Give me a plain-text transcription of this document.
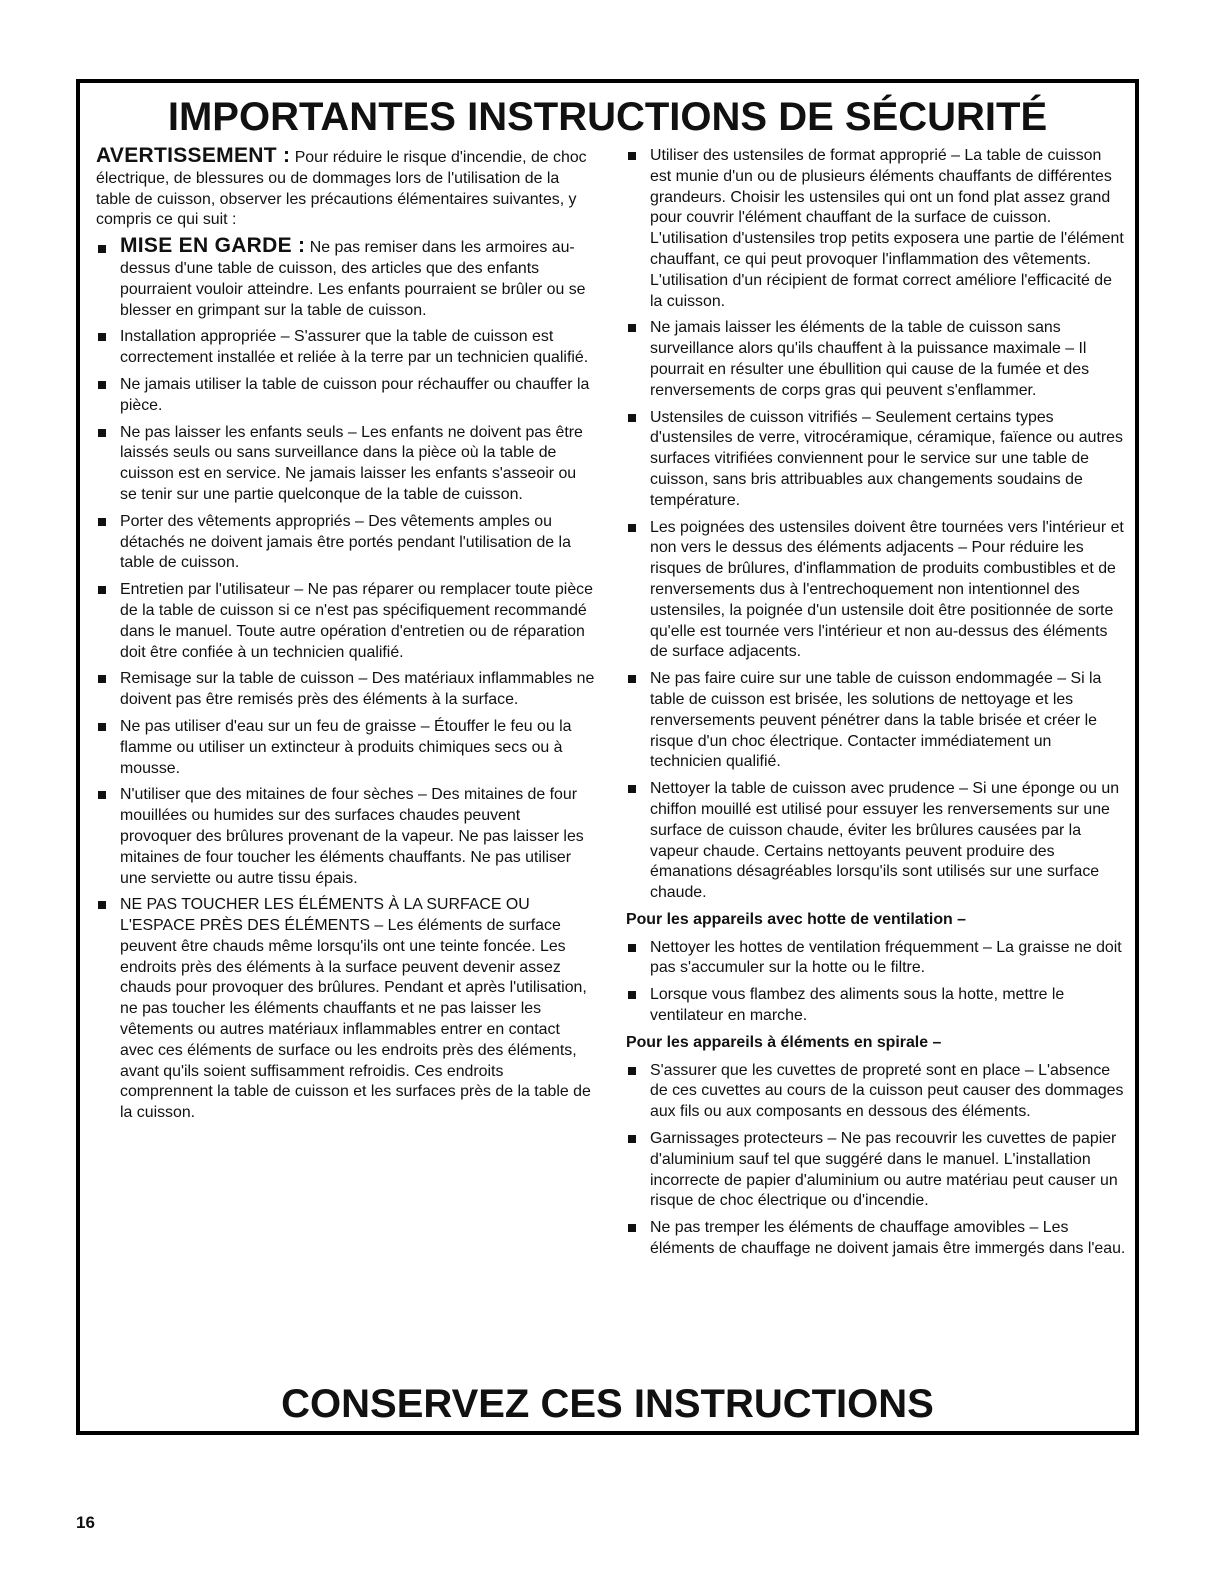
IMPORTANTES INSTRUCTIONS DE SÉCURITÉ

AVERTISSEMENT : Pour réduire le risque d'incendie, de choc électrique, de blessures ou de dommages lors de l'utilisation de la table de cuisson, observer les précautions élémentaires suivantes, y compris ce qui suit :

MISE EN GARDE : Ne pas remiser dans les armoires au-dessus d'une table de cuisson, des articles que des enfants pourraient vouloir atteindre. Les enfants pourraient se brûler ou se blesser en grimpant sur la table de cuisson.
Installation appropriée – S'assurer que la table de cuisson est correctement installée et reliée à la terre par un technicien qualifié.
Ne jamais utiliser la table de cuisson pour réchauffer ou chauffer la pièce.
Ne pas laisser les enfants seuls – Les enfants ne doivent pas être laissés seuls ou sans surveillance dans la pièce où la table de cuisson est en service. Ne jamais laisser les enfants s'asseoir ou se tenir sur une partie quelconque de la table de cuisson.
Porter des vêtements appropriés – Des vêtements amples ou détachés ne doivent jamais être portés pendant l'utilisation de la table de cuisson.
Entretien par l'utilisateur – Ne pas réparer ou remplacer toute pièce de la table de cuisson si ce n'est pas spécifiquement recommandé dans le manuel. Toute autre opération d'entretien ou de réparation doit être confiée à un technicien qualifié.
Remisage sur la table de cuisson – Des matériaux inflammables ne doivent pas être remisés près des éléments à la surface.
Ne pas utiliser d'eau sur un feu de graisse – Étouffer le feu ou la flamme ou utiliser un extincteur à produits chimiques secs ou à mousse.
N'utiliser que des mitaines de four sèches – Des mitaines de four mouillées ou humides sur des surfaces chaudes peuvent provoquer des brûlures provenant de la vapeur. Ne pas laisser les mitaines de four toucher les éléments chauffants. Ne pas utiliser une serviette ou autre tissu épais.
NE PAS TOUCHER LES ÉLÉMENTS À LA SURFACE OU L'ESPACE PRÈS DES ÉLÉMENTS – Les éléments de surface peuvent être chauds même lorsqu'ils ont une teinte foncée. Les endroits près des éléments à la surface peuvent devenir assez chauds pour provoquer des brûlures. Pendant et après l'utilisation, ne pas toucher les éléments chauffants et ne pas laisser les vêtements ou autres matériaux inflammables entrer en contact avec ces éléments de surface ou les endroits près des éléments, avant qu'ils soient suffisamment refroidis. Ces endroits comprennent la table de cuisson et les surfaces près de la table de la cuisson.
Utiliser des ustensiles de format approprié – La table de cuisson est munie d'un ou de plusieurs éléments chauffants de différentes grandeurs. Choisir les ustensiles qui ont un fond plat assez grand pour couvrir l'élément chauffant de la surface de cuisson. L'utilisation d'ustensiles trop petits exposera une partie de l'élément chauffant, ce qui peut provoquer l'inflammation des vêtements. L'utilisation d'un récipient de format correct améliore l'efficacité de la cuisson.
Ne jamais laisser les éléments de la table de cuisson sans surveillance alors qu'ils chauffent à la puissance maximale – Il pourrait en résulter une ébullition qui cause de la fumée et des renversements de corps gras qui peuvent s'enflammer.
Ustensiles de cuisson vitrifiés – Seulement certains types d'ustensiles de verre, vitrocéramique, céramique, faïence ou autres surfaces vitrifiées conviennent pour le service sur une table de cuisson, sans bris attribuables aux changements soudains de température.
Les poignées des ustensiles doivent être tournées vers l'intérieur et non vers le dessus des éléments adjacents – Pour réduire les risques de brûlures, d'inflammation de produits combustibles et de renversements dus à l'entrechoquement non intentionnel des ustensiles, la poignée d'un ustensile doit être positionnée de sorte qu'elle est tournée vers l'intérieur et non au-dessus des éléments de surface adjacents.
Ne pas faire cuire sur une table de cuisson endommagée – Si la table de cuisson est brisée, les solutions de nettoyage et les renversements peuvent pénétrer dans la table brisée et créer le risque d'un choc électrique. Contacter immédiatement un technicien qualifié.
Nettoyer la table de cuisson avec prudence – Si une éponge ou un chiffon mouillé est utilisé pour essuyer les renversements sur une surface de cuisson chaude, éviter les brûlures causées par la vapeur chaude. Certains nettoyants peuvent produire des émanations désagréables lorsqu'ils sont utilisés sur une surface chaude.
Pour les appareils avec hotte de ventilation –
Nettoyer les hottes de ventilation fréquemment – La graisse ne doit pas s'accumuler sur la hotte ou le filtre.
Lorsque vous flambez des aliments sous la hotte, mettre le ventilateur en marche.
Pour les appareils à éléments en spirale –
S'assurer que les cuvettes de propreté sont en place – L'absence de ces cuvettes au cours de la cuisson peut causer des dommages aux fils ou aux composants en dessous des éléments.
Garnissages protecteurs – Ne pas recouvrir les cuvettes de papier d'aluminium sauf tel que suggéré dans le manuel. L'installation incorrecte de papier d'aluminium ou autre matériau peut causer un risque de choc électrique ou d'incendie.
Ne pas tremper les éléments de chauffage amovibles – Les éléments de chauffage ne doivent jamais être immergés dans l'eau.
CONSERVEZ CES INSTRUCTIONS
16
